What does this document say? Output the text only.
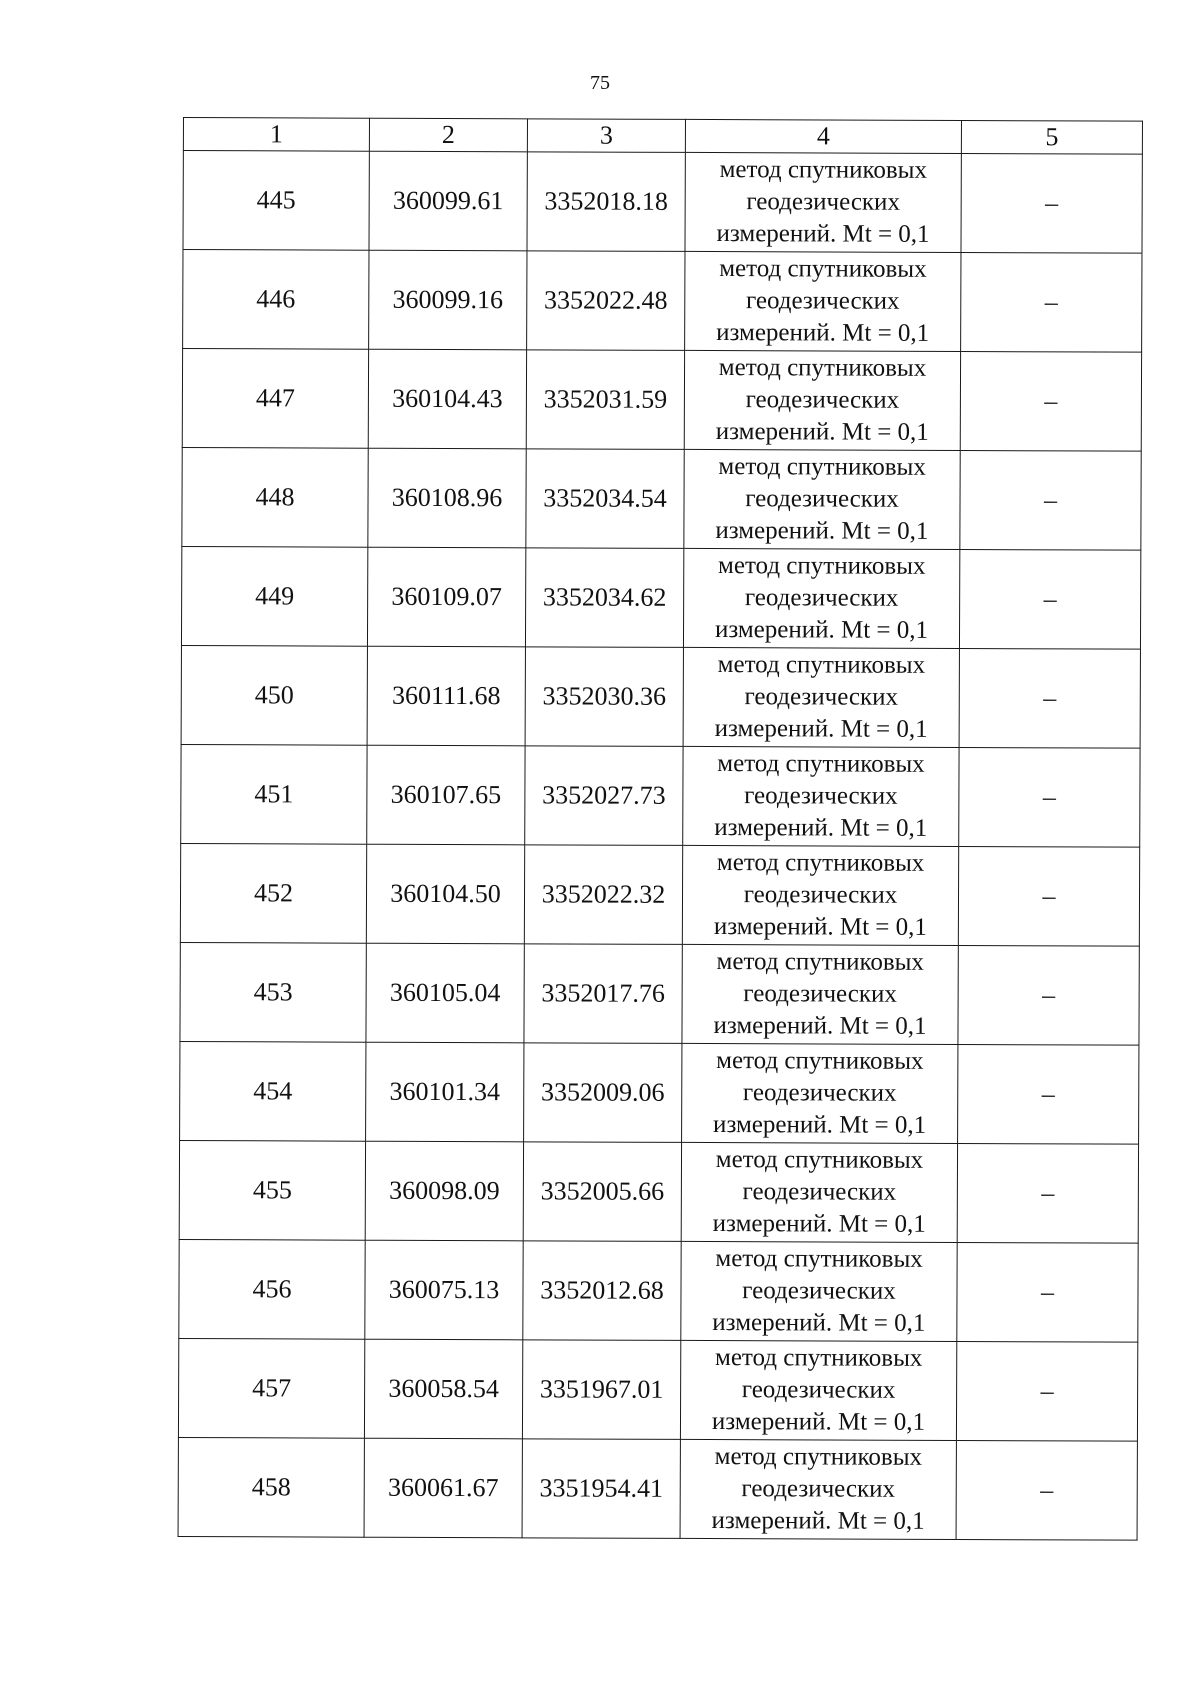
75
1	2	3	4	5
445	360099.61	3352018.18	метод спутниковых
геодезических
измерений. Mt = 0,1	–
446	360099.16	3352022.48	метод спутниковых
геодезических
измерений. Mt = 0,1	–
447	360104.43	3352031.59	метод спутниковых
геодезических
измерений. Mt = 0,1	–
448	360108.96	3352034.54	метод спутниковых
геодезических
измерений. Mt = 0,1	–
449	360109.07	3352034.62	метод спутниковых
геодезических
измерений. Mt = 0,1	–
450	360111.68	3352030.36	метод спутниковых
геодезических
измерений. Mt = 0,1	–
451	360107.65	3352027.73	метод спутниковых
геодезических
измерений. Mt = 0,1	–
452	360104.50	3352022.32	метод спутниковых
геодезических
измерений. Mt = 0,1	–
453	360105.04	3352017.76	метод спутниковых
геодезических
измерений. Mt = 0,1	–
454	360101.34	3352009.06	метод спутниковых
геодезических
измерений. Mt = 0,1	–
455	360098.09	3352005.66	метод спутниковых
геодезических
измерений. Mt = 0,1	–
456	360075.13	3352012.68	метод спутниковых
геодезических
измерений. Mt = 0,1	–
457	360058.54	3351967.01	метод спутниковых
геодезических
измерений. Mt = 0,1	–
458	360061.67	3351954.41	метод спутниковых
геодезических
измерений. Mt = 0,1	–
